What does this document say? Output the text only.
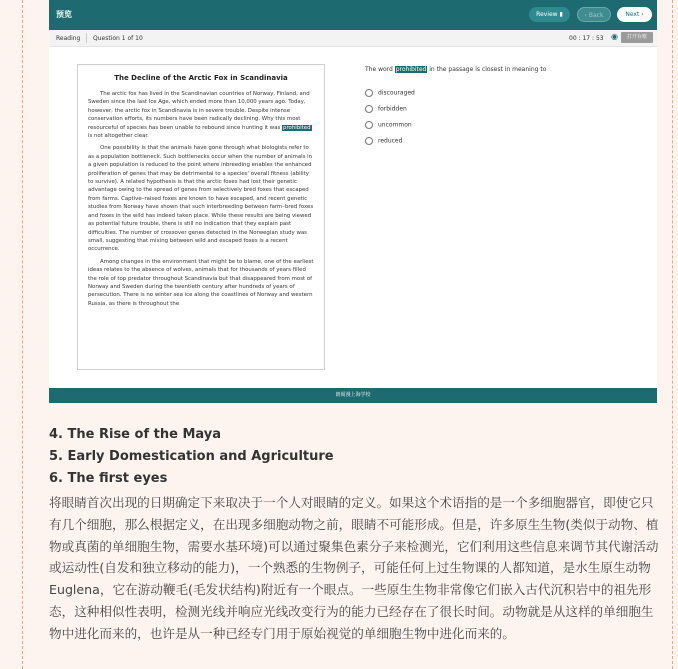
预览	Review ▮	‹ Back	Next ›
Reading Question 1 of 10	00 : 17 : 53 ◉	打开台框
The Decline of the Arctic Fox in Scandinavia

The arctic fox has lived in the Scandinavian countries of Norway, Finland, and Sweden since the last Ice Age, which ended more than 10,000 years ago. Today, however, the arctic fox in Scandinavia is in severe trouble. Despite intense conservation efforts, its numbers have been radically declining. Why this most resourceful of species has been unable to rebound since hunting it was prohibited is not altogether clear.

One possibility is that the animals have gone through what biologists refer to as a population bottleneck. Such bottlenecks occur when the number of animals in a given population is reduced to the point where inbreeding enables the enhanced proliferation of genes that may be detrimental to a species' overall fitness (ability to survive). A related hypothesis is that the arctic foxes had lost their genetic advantage owing to the spread of genes from selectively bred foxes that escaped from farms. Captive–raised foxes are known to have escaped, and recent genetic studies from Norway have shown that such interbreeding between farm–bred foxes and foxes in the wild has indeed taken place. While these results are being viewed as potential future trouble, there is still no indication that they explain past difficulties. The number of crossover genes detected in the Norwegian study was small, suggesting that mixing between wild and escaped foxes is a recent occurrence.

Among changes in the environment that might be to blame, one of the earliest ideas relates to the absence of wolves, animals that for thousands of years filled the role of top predator throughout Scandinavia but that disappeared from most of Norway and Sweden during the twentieth century after hundreds of years of persecution. There is no winter sea ice along the coastlines of Norway and western Russia, as there is throughout the

The word prohibited in the passage is closest in meaning to
discouraged
forbidden
uncommon
reduced
朗阁漫上海学校
4. The Rise of the Maya
5. Early Domestication and Agriculture
6. The first eyes
将眼睛首次出现的日期确定下来取决于一个人对眼睛的定义。如果这个术语指的是一个多细胞器官，即使它只有几个细胞，那么根据定义，在出现多细胞动物之前，眼睛不可能形成。但是，许多原生生物(类似于动物、植物或真菌的单细胞生物，需要水基环境)可以通过聚集色素分子来检测光，它们利用这些信息来调节其代谢活动或运动性(自发和独立移动的能力)，一个熟悉的生物例子，可能任何上过生物课的人都知道，是水生原生动物Euglena，它在游动鞭毛(毛发状结构)附近有一个眼点。一些原生生物非常像它们嵌入古代沉积岩中的祖先形态，这种相似性表明，检测光线并响应光线改变行为的能力已经存在了很长时间。动物就是从这样的单细胞生物中进化而来的，也许是从一种已经专门用于原始视觉的单细胞生物中进化而来的。
